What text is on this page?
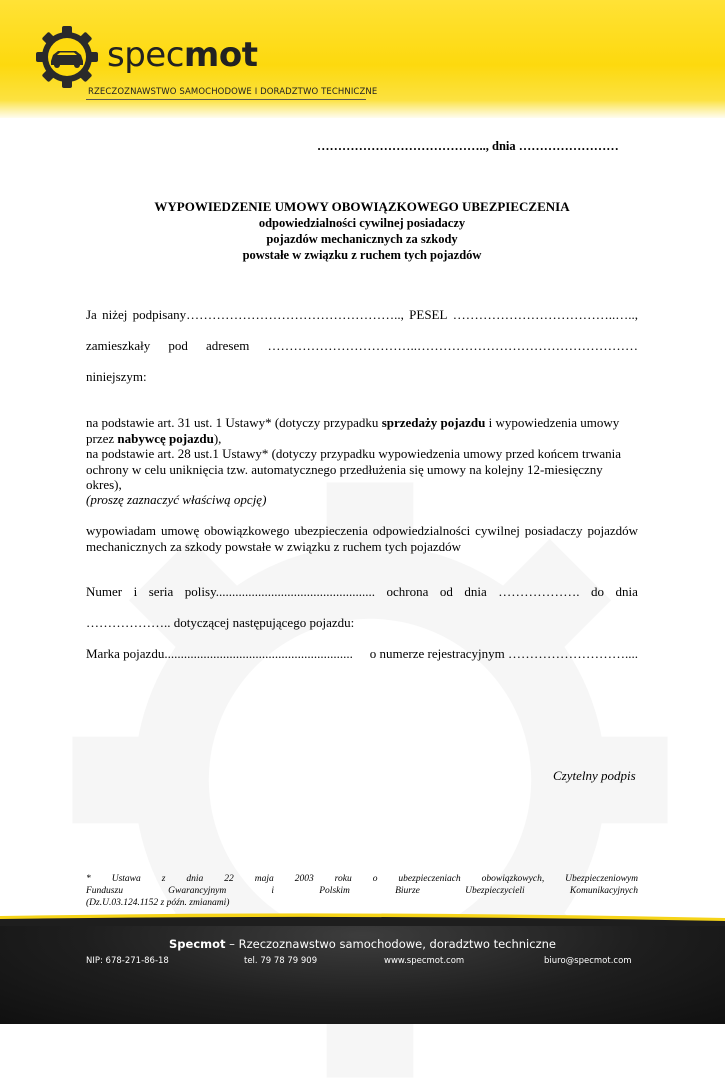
specmot
RZECZOZNAWSTWO SAMOCHODOWE I DORADZTWO TECHNICZNE
………………………………….., dnia ……………………
WYPOWIEDZENIE UMOWY OBOWIĄZKOWEGO UBEZPIECZENIA
odpowiedzialności cywilnej posiadaczy
pojazdów mechanicznych za szkody
powstałe w związku z ruchem tych pojazdów
Ja niżej podpisany………………………………………….., PESEL ………………………………..…..,
zamieszkały pod adresem ……………………………..……………………………………………
niniejszym:
na podstawie art. 31 ust. 1 Ustawy* (dotyczy przypadku sprzedaży pojazdu i wypowiedzenia umowy przez nabywcę pojazdu),
na podstawie art. 28 ust.1 Ustawy* (dotyczy przypadku wypowiedzenia umowy przed końcem trwania ochrony w celu uniknięcia tzw. automatycznego przedłużenia się umowy na kolejny 12-miesięczny okres),
(proszę zaznaczyć właściwą opcję)
wypowiadam umowę obowiązkowego ubezpieczenia odpowiedzialności cywilnej posiadaczy pojazdów mechanicznych za szkody powstałe w związku z ruchem tych pojazdów
Numer i seria polisy................................................. ochrona od dnia ………………. do dnia
……………….. dotyczącej następującego pojazdu:
Marka pojazdu.......................................................... o numerze rejestracyjnym ………………………....
Czytelny podpis
* Ustawa z dnia 22 maja 2003 roku o ubezpieczeniach obowiązkowych, Ubezpieczeniowym
Funduszu	Gwarancyjnym	i	Polskim	Biurze	Ubezpieczycieli	Komunikacyjnych
(Dz.U.03.124.1152 z późn. zmianami)
Specmot – Rzeczoznawstwo samochodowe, doradztwo techniczne
NIP: 678-271-86-18	tel. 79 78 79 909	www.specmot.com	biuro@specmot.com
